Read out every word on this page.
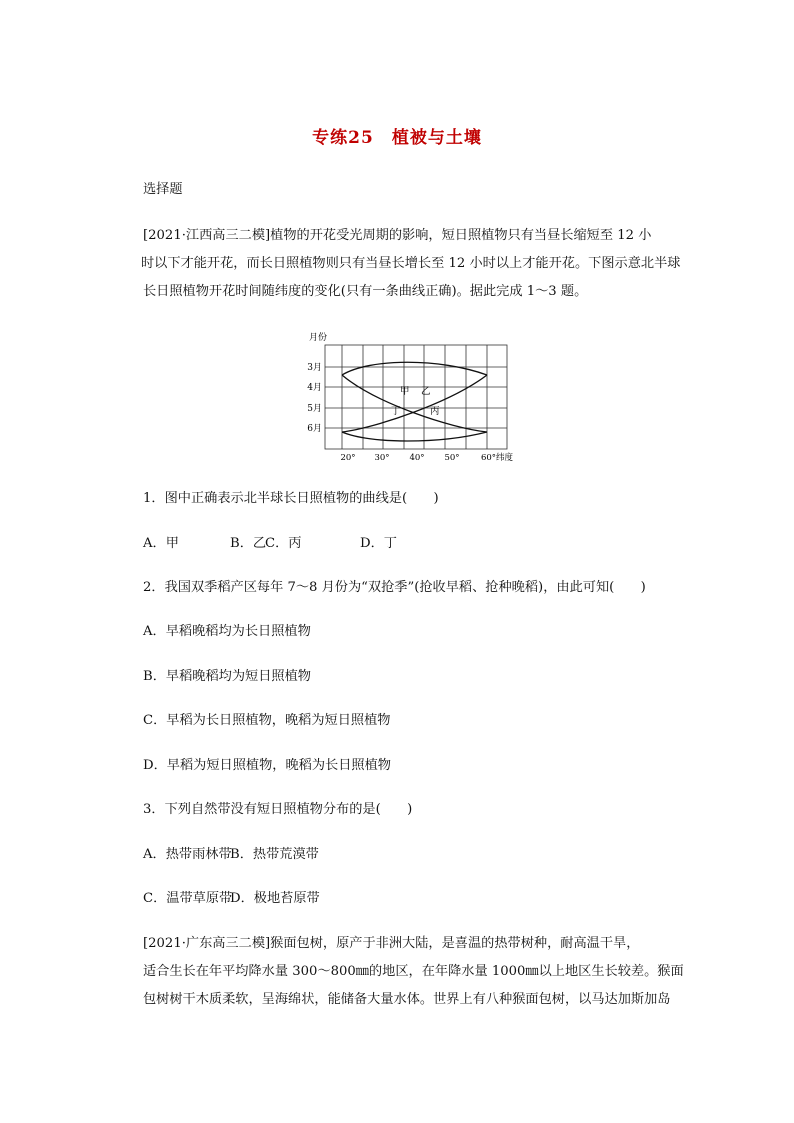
专练25　植被与土壤
选择题
[2021·江西高三二模]植物的开花受光周期的影响，短日照植物只有当昼长缩短至 12 小
时以下才能开花，而长日照植物则只有当昼长增长至 12 小时以上才能开花。下图示意北半球
长日照植物开花时间随纬度的变化(只有一条曲线正确)。据此完成 1～3 题。
月份
3月
4月
5月
6月
20° 30° 40° 50°	60°纬度
甲 乙
丁	丙
1．图中正确表示北半球长日照植物的曲线是(　　)
A．甲	B．乙
C．丙	D．丁
2．我国双季稻产区每年 7～8 月份为“双抢季”(抢收早稻、抢种晚稻)，由此可知(　　)
A．早稻晚稻均为长日照植物
B．早稻晚稻均为短日照植物
C．早稻为长日照植物，晚稻为短日照植物
D．早稻为短日照植物，晚稻为长日照植物
3．下列自然带没有短日照植物分布的是(　　)
A．热带雨林带
B．热带荒漠带
C．温带草原带
D．极地苔原带
[2021·广东高三二模]猴面包树，原产于非洲大陆，是喜温的热带树种，耐高温干旱，
适合生长在年平均降水量 300～800㎜的地区，在年降水量 1000㎜以上地区生长较差。猴面
包树树干木质柔软，呈海绵状，能储备大量水体。世界上有八种猴面包树，以马达加斯加岛
